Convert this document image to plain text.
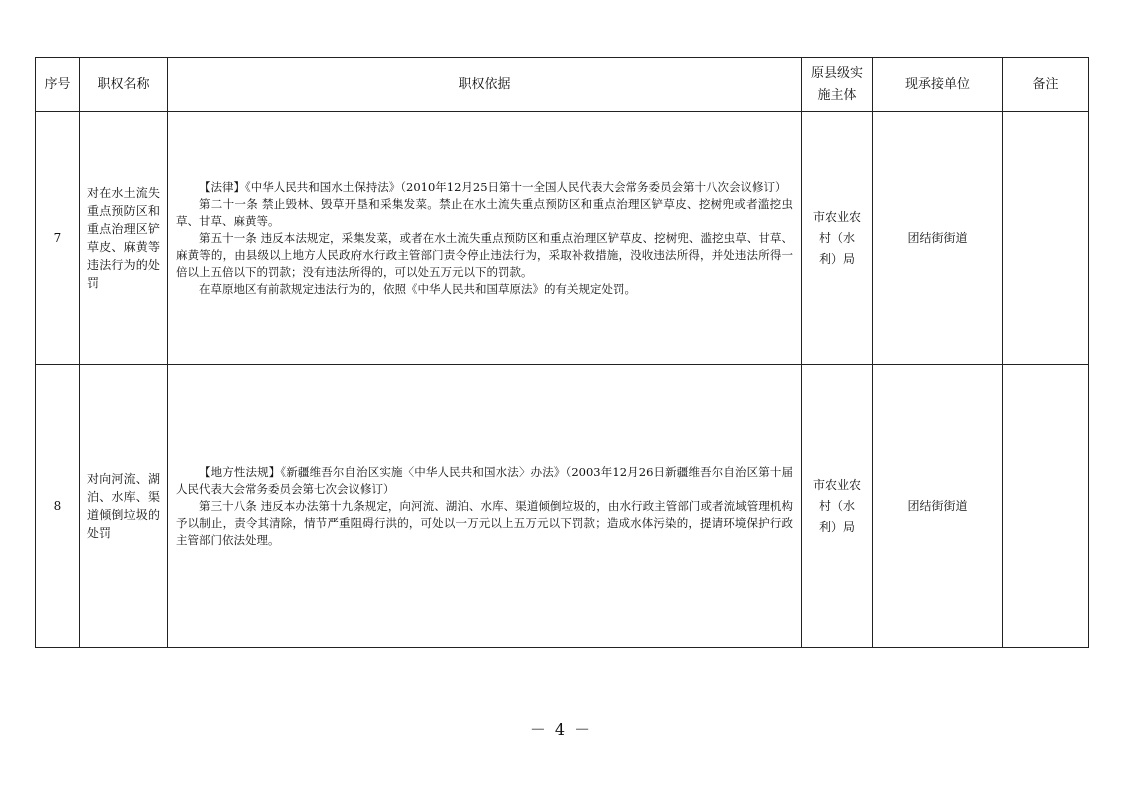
序号	职权名称	职权依据	原县级实施主体	现承接单位	备注
7	对在水土流失重点预防区和重点治理区铲草皮、麻黄等违法行为的处罚	【法律】《中华人民共和国水土保持法》（2010年12月25日第十一全国人民代表大会常务委员会第十八次会议修订）

第二十一条 禁止毁林、毁草开垦和采集发菜。禁止在水土流失重点预防区和重点治理区铲草皮、挖树兜或者滥挖虫草、甘草、麻黄等。

第五十一条 违反本法规定，采集发菜，或者在水土流失重点预防区和重点治理区铲草皮、挖树兜、滥挖虫草、甘草、麻黄等的，由县级以上地方人民政府水行政主管部门责令停止违法行为，采取补救措施，没收违法所得，并处违法所得一倍以上五倍以下的罚款；没有违法所得的，可以处五万元以下的罚款。

在草原地区有前款规定违法行为的，依照《中华人民共和国草原法》的有关规定处罚。	市农业农村（水利）局	团结街街道	
8	对向河流、湖泊、水库、渠道倾倒垃圾的处罚	【地方性法规】《新疆维吾尔自治区实施〈中华人民共和国水法〉办法》（2003年12月26日新疆维吾尔自治区第十届人民代表大会常务委员会第七次会议修订）

第三十八条 违反本办法第十九条规定，向河流、湖泊、水库、渠道倾倒垃圾的，由水行政主管部门或者流域管理机构予以制止，责令其清除，情节严重阻碍行洪的，可处以一万元以上五万元以下罚款；造成水体污染的，提请环境保护行政主管部门依法处理。	市农业农村（水利）局	团结街街道	
－ 4 －
